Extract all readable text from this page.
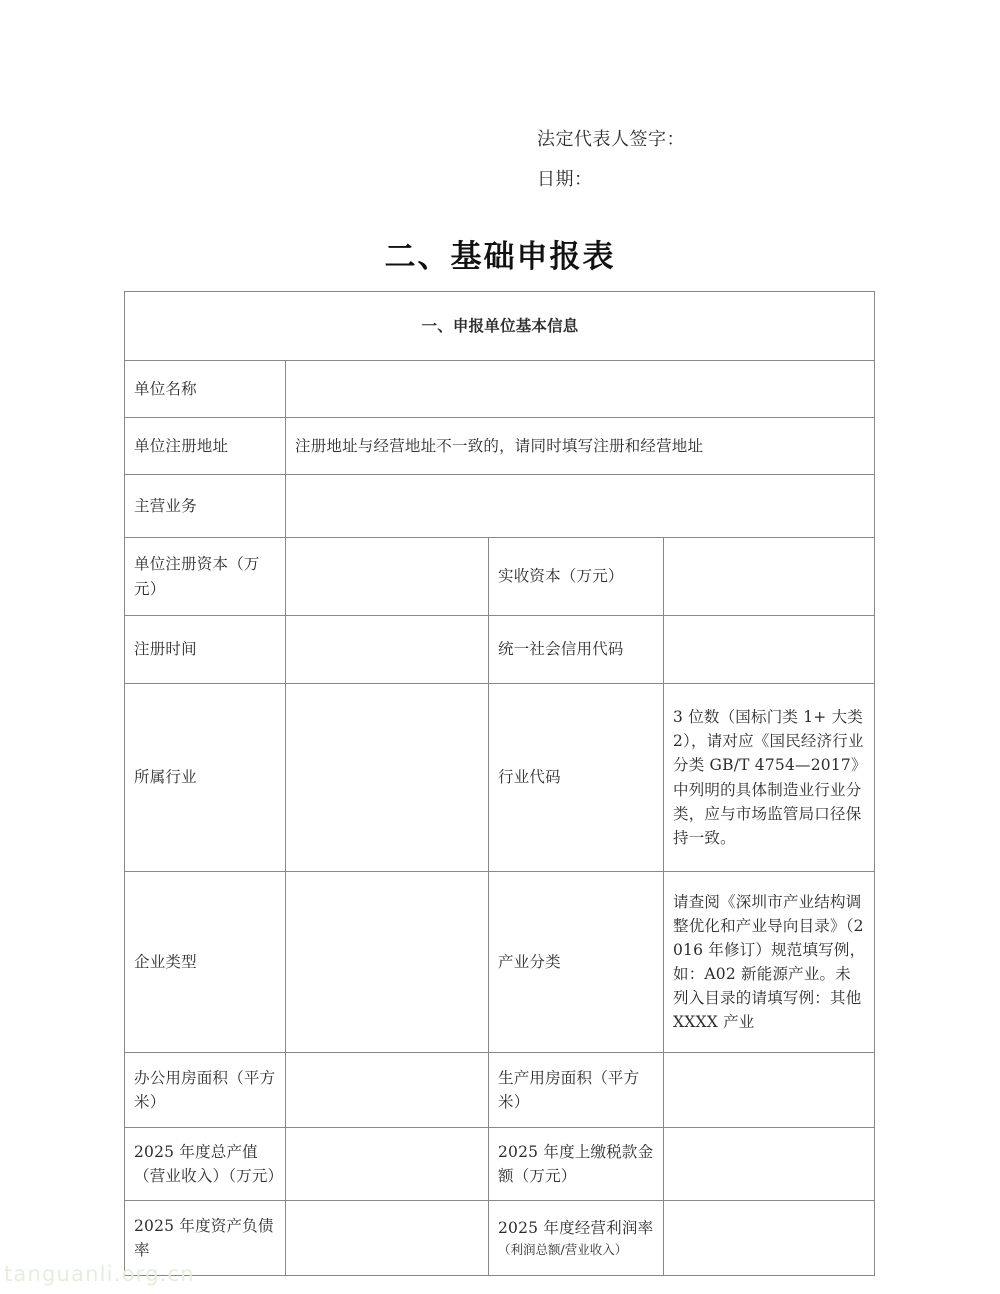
法定代表人签字：
日期：
二、基础申报表
一、申报单位基本信息			
单位名称			
单位注册地址	注册地址与经营地址不一致的，请同时填写注册和经营地址		
主营业务			
单位注册资本（万元）		实收资本（万元）	
注册时间		统一社会信用代码	
所属行业		行业代码	3 位数（国标门类 1+ 大类 2），请对应《国民经济行业分类 GB/T 4754—2017》中列明的具体制造业行业分类，应与市场监管局口径保持一致。
企业类型		产业分类	请查阅《深圳市产业结构调整优化和产业导向目录》（2016 年修订）规范填写例，如：A02 新能源产业。未列入目录的请填写例：其他 XXXX 产业
办公用房面积（平方米）		生产用房面积（平方米）	
2025 年度总产值（营业收入）（万元）		2025 年度上缴税款金额（万元）	
2025 年度资产负债率		2025 年度经营利润率
（利润总额/营业收入）	

tanguanli.org.cn
